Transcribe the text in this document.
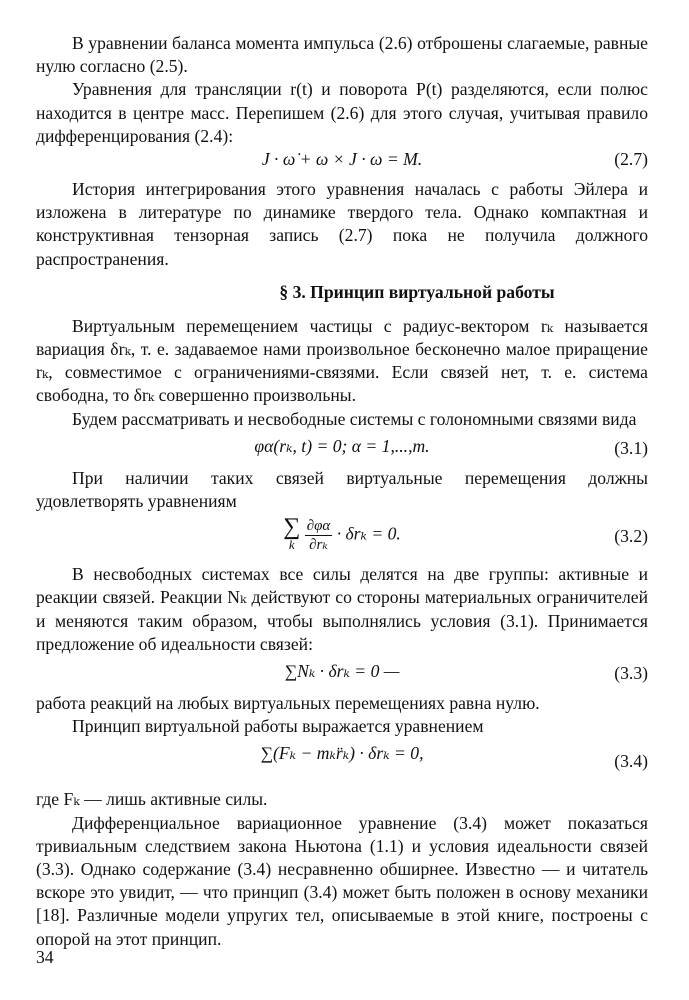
В уравнении баланса момента импульса (2.6) отброшены слагаемые, равные нулю согласно (2.5).

Уравнения для трансляции r(t) и поворота P(t) разделяются, если полюс находится в центре масс. Перепишем (2.6) для этого случая, учитывая правило дифференцирования (2.4):

J · ω̇ + ω × J · ω = M.	(2.7)

История интегрирования этого уравнения началась с работы Эйлера и изложена в литературе по динамике твердого тела. Однако компактная и конструктивная тензорная запись (2.7) пока не получила должного распространения.

§ 3. Принцип виртуальной работы

Виртуальным перемещением частицы с радиус-вектором rₖ называется вариация δrₖ, т. е. задаваемое нами произвольное бесконечно малое приращение rₖ, совместимое с ограничениями-связями. Если связей нет, т. е. система свободна, то δrₖ совершенно произвольны.

Будем рассматривать и несвободные системы с голономными связями вида

φα(rₖ, t) = 0; α = 1,...,m.	(3.1)

При наличии таких связей виртуальные перемещения должны удовлетворять уравнениям

∑
k
$\frac{\partial\varphi\alpha}{\text{∂rₖ}} \cdot \delta r_k = 0$.	(3.2)

В несвободных системах все силы делятся на две группы: активные и реакции связей. Реакции Nₖ действуют со стороны материальных ограничителей и меняются таким образом, чтобы выполнялись условия (3.1). Принимается предложение об идеальности связей:

∑Nₖ · δrₖ = 0 —	(3.3)

работа реакций на любых виртуальных перемещениях равна нулю.

Принцип виртуальной работы выражается уравнением

∑(Fₖ − mₖr̈ₖ) · δrₖ = 0,	(3.4)

где Fₖ — лишь активные силы.

Дифференциальное вариационное уравнение (3.4) может показаться тривиальным следствием закона Ньютона (1.1) и условия идеальности связей (3.3). Однако содержание (3.4) несравненно обширнее. Известно — и читатель вскоре это увидит, — что принцип (3.4) может быть положен в основу механики [18]. Различные модели упругих тел, описываемые в этой книге, построены с опорой на этот принцип.

34
